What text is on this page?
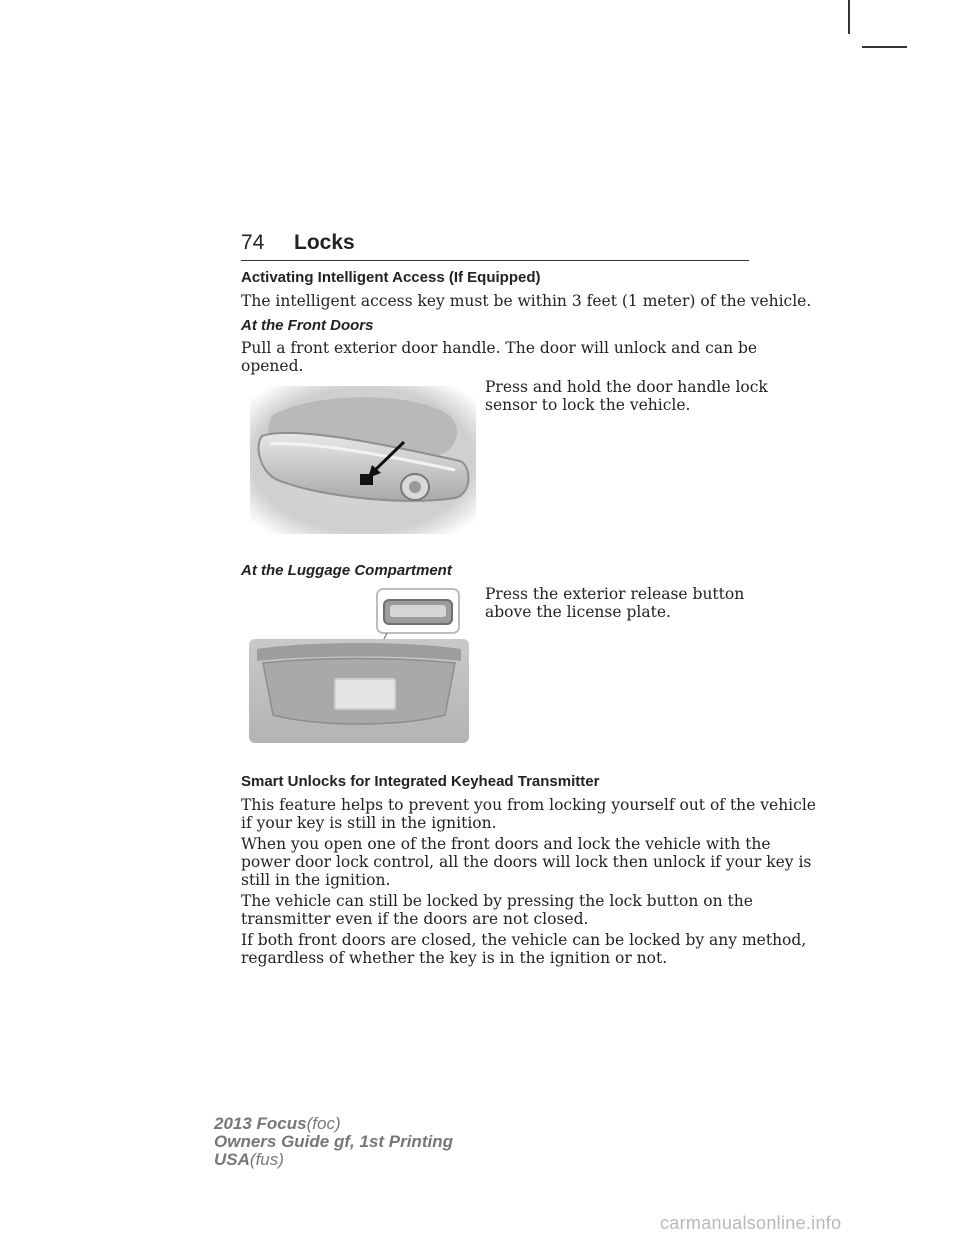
74 Locks

Activating Intelligent Access (If Equipped)

The intelligent access key must be within 3 feet (1 meter) of the vehicle.

At the Front Doors

Pull a front exterior door handle. The door will unlock and can be

opened.

Press and hold the door handle lock

sensor to lock the vehicle.

At the Luggage Compartment

Press the exterior release button

above the license plate.

Smart Unlocks for Integrated Keyhead Transmitter

This feature helps to prevent you from locking yourself out of the vehicle

if your key is still in the ignition.

When you open one of the front doors and lock the vehicle with the

power door lock control, all the doors will lock then unlock if your key is

still in the ignition.

The vehicle can still be locked by pressing the lock button on the

transmitter even if the doors are not closed.

If both front doors are closed, the vehicle can be locked by any method,

regardless of whether the key is in the ignition or not.

2013 Focus(foc)
Owners Guide gf, 1st Printing
USA(fus)
carmanualsonline.info
